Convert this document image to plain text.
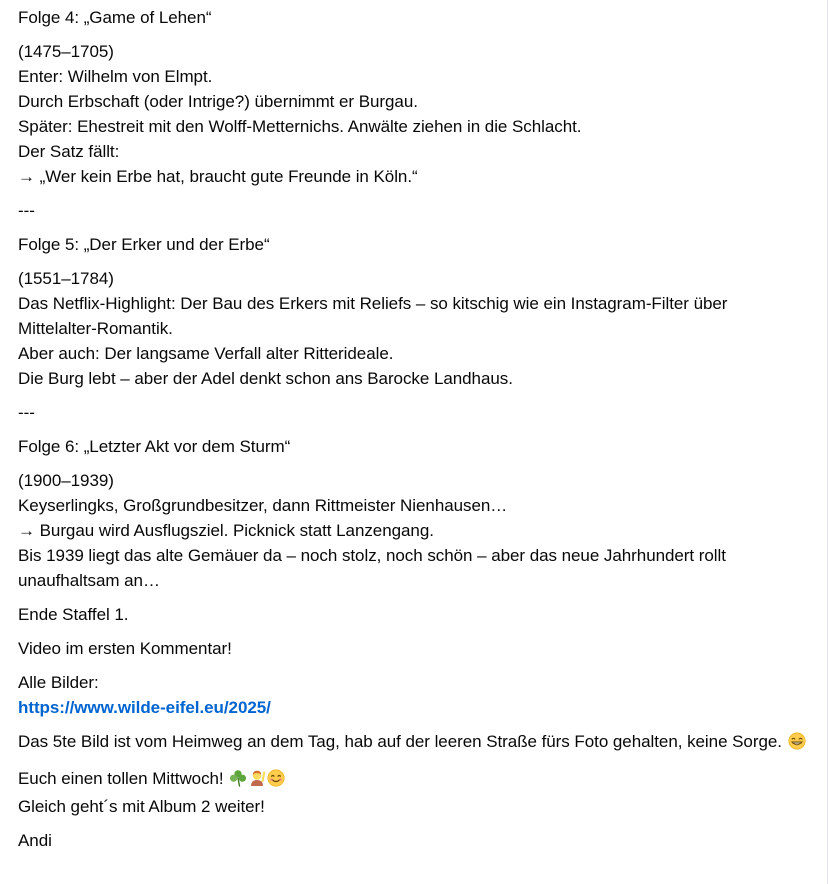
Folge 4: „Game of Lehen“
(1475–1705)
Enter: Wilhelm von Elmpt.
Durch Erbschaft (oder Intrige?) übernimmt er Burgau.
Später: Ehestreit mit den Wolff-Metternichs. Anwälte ziehen in die Schlacht.
Der Satz fällt:
→ „Wer kein Erbe hat, braucht gute Freunde in Köln.“
---
Folge 5: „Der Erker und der Erbe“
(1551–1784)
Das Netflix-Highlight: Der Bau des Erkers mit Reliefs – so kitschig wie ein Instagram-Filter über Mittelalter-Romantik.
Aber auch: Der langsame Verfall alter Ritterideale.
Die Burg lebt – aber der Adel denkt schon ans Barocke Landhaus.
---
Folge 6: „Letzter Akt vor dem Sturm“
(1900–1939)
Keyserlingks, Großgrundbesitzer, dann Rittmeister Nienhausen…
→ Burgau wird Ausflugsziel. Picknick statt Lanzengang.
Bis 1939 liegt das alte Gemäuer da – noch stolz, noch schön – aber das neue Jahrhundert rollt unaufhaltsam an…
Ende Staffel 1.
Video im ersten Kommentar!
Alle Bilder:
https://www.wilde-eifel.eu/2025/
Das 5te Bild ist vom Heimweg an dem Tag, hab auf der leeren Straße fürs Foto gehalten, keine Sorge.
Euch einen tollen Mittwoch!
Gleich geht´s mit Album 2 weiter!
Andi
